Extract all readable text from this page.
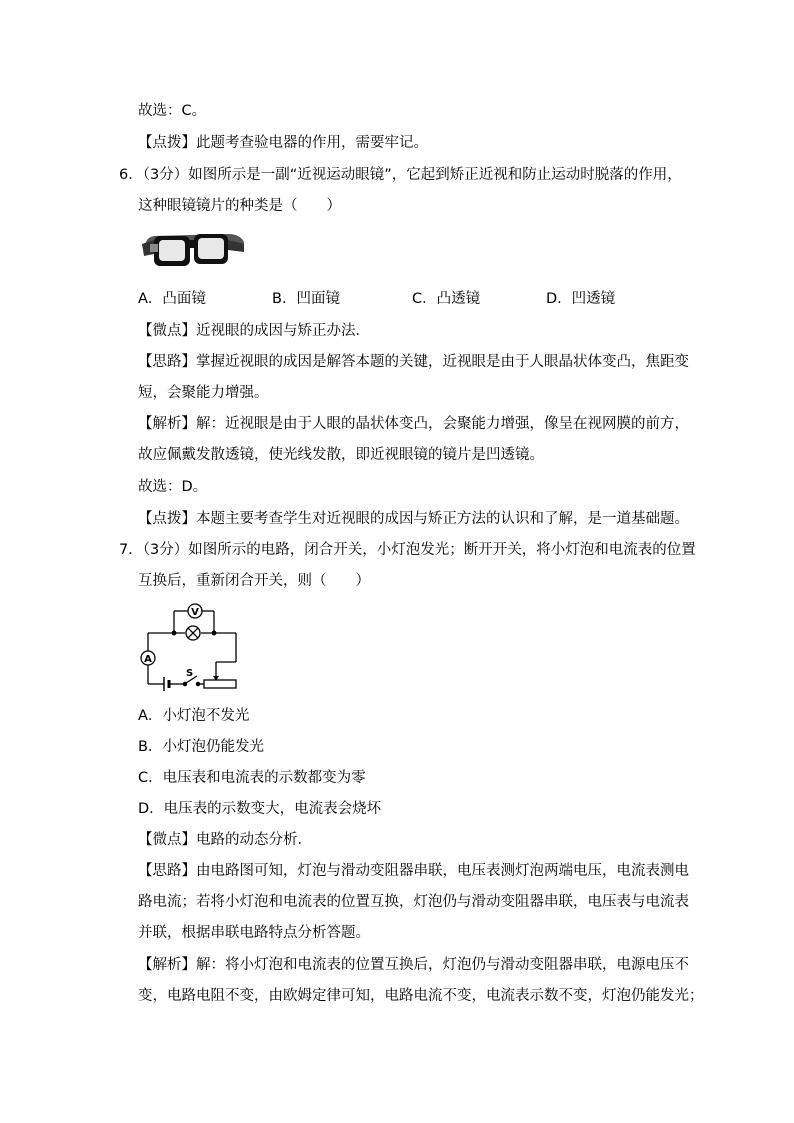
故选：C。
【点拨】此题考查验电器的作用，需要牢记。
6．（3分）如图所示是一副“近视运动眼镜”，它起到矫正近视和防止运动时脱落的作用，
这种眼镜镜片的种类是（　　）
A．凸面镜	B．凹面镜	C．凸透镜	D．凹透镜
【微点】近视眼的成因与矫正办法．
【思路】掌握近视眼的成因是解答本题的关键，近视眼是由于人眼晶状体变凸，焦距变
短，会聚能力增强。
【解析】解：近视眼是由于人眼的晶状体变凸，会聚能力增强，像呈在视网膜的前方，
故应佩戴发散透镜，使光线发散，即近视眼镜的镜片是凹透镜。
故选：D。
【点拨】本题主要考查学生对近视眼的成因与矫正方法的认识和了解，是一道基础题。
7．（3分）如图所示的电路，闭合开关，小灯泡发光；断开开关，将小灯泡和电流表的位置
互换后，重新闭合开关，则（　　）
V
A
S
A．小灯泡不发光
B．小灯泡仍能发光
C．电压表和电流表的示数都变为零
D．电压表的示数变大，电流表会烧坏
【微点】电路的动态分析．
【思路】由电路图可知，灯泡与滑动变阻器串联，电压表测灯泡两端电压，电流表测电
路电流；若将小灯泡和电流表的位置互换，灯泡仍与滑动变阻器串联，电压表与电流表
并联，根据串联电路特点分析答题。
【解析】解：将小灯泡和电流表的位置互换后，灯泡仍与滑动变阻器串联，电源电压不
变，电路电阻不变，由欧姆定律可知，电路电流不变，电流表示数不变，灯泡仍能发光；
